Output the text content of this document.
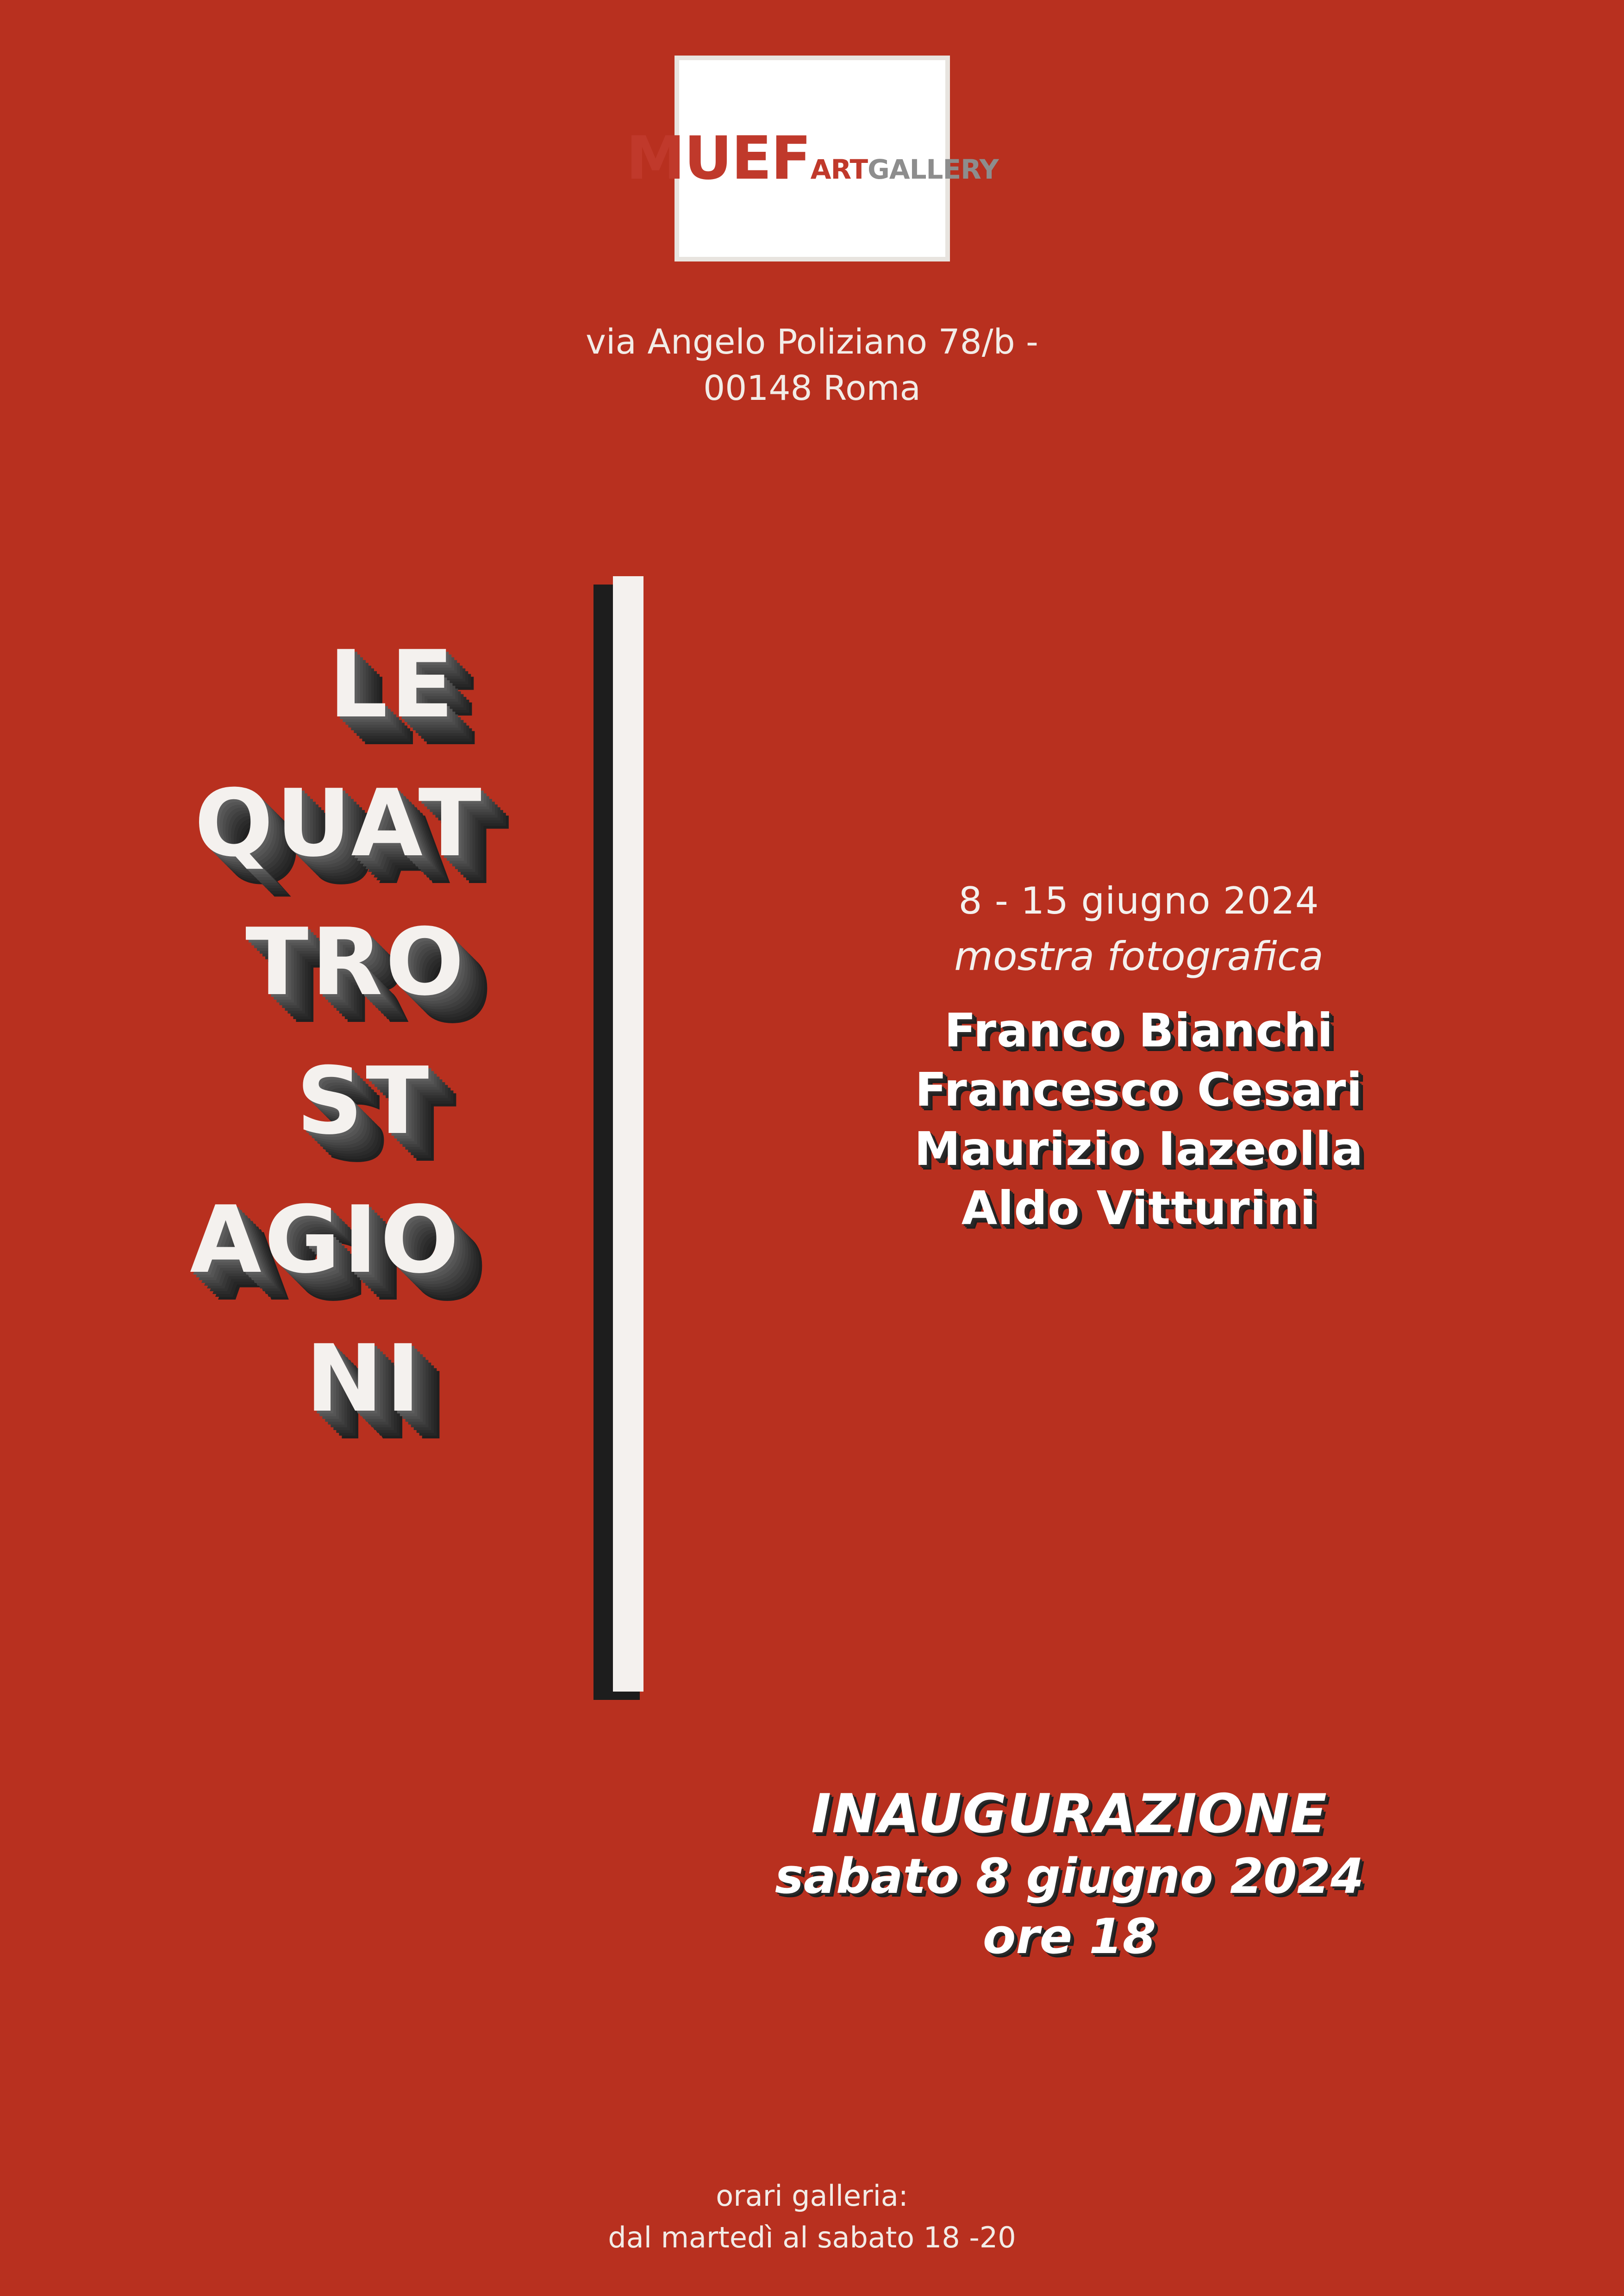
MUEF ART GALLERY
via Angelo Poliziano 78/b -
00148 Roma
LE
QUAT
TRO
ST
AGIO
NI
8 - 15 giugno 2024
mostra fotografica
Franco Bianchi
Francesco Cesari
Maurizio Iazeolla
Aldo Vitturini
INAUGURAZIONE
sabato 8 giugno 2024
ore 18
orari galleria:
dal martedì al sabato 18 -20
